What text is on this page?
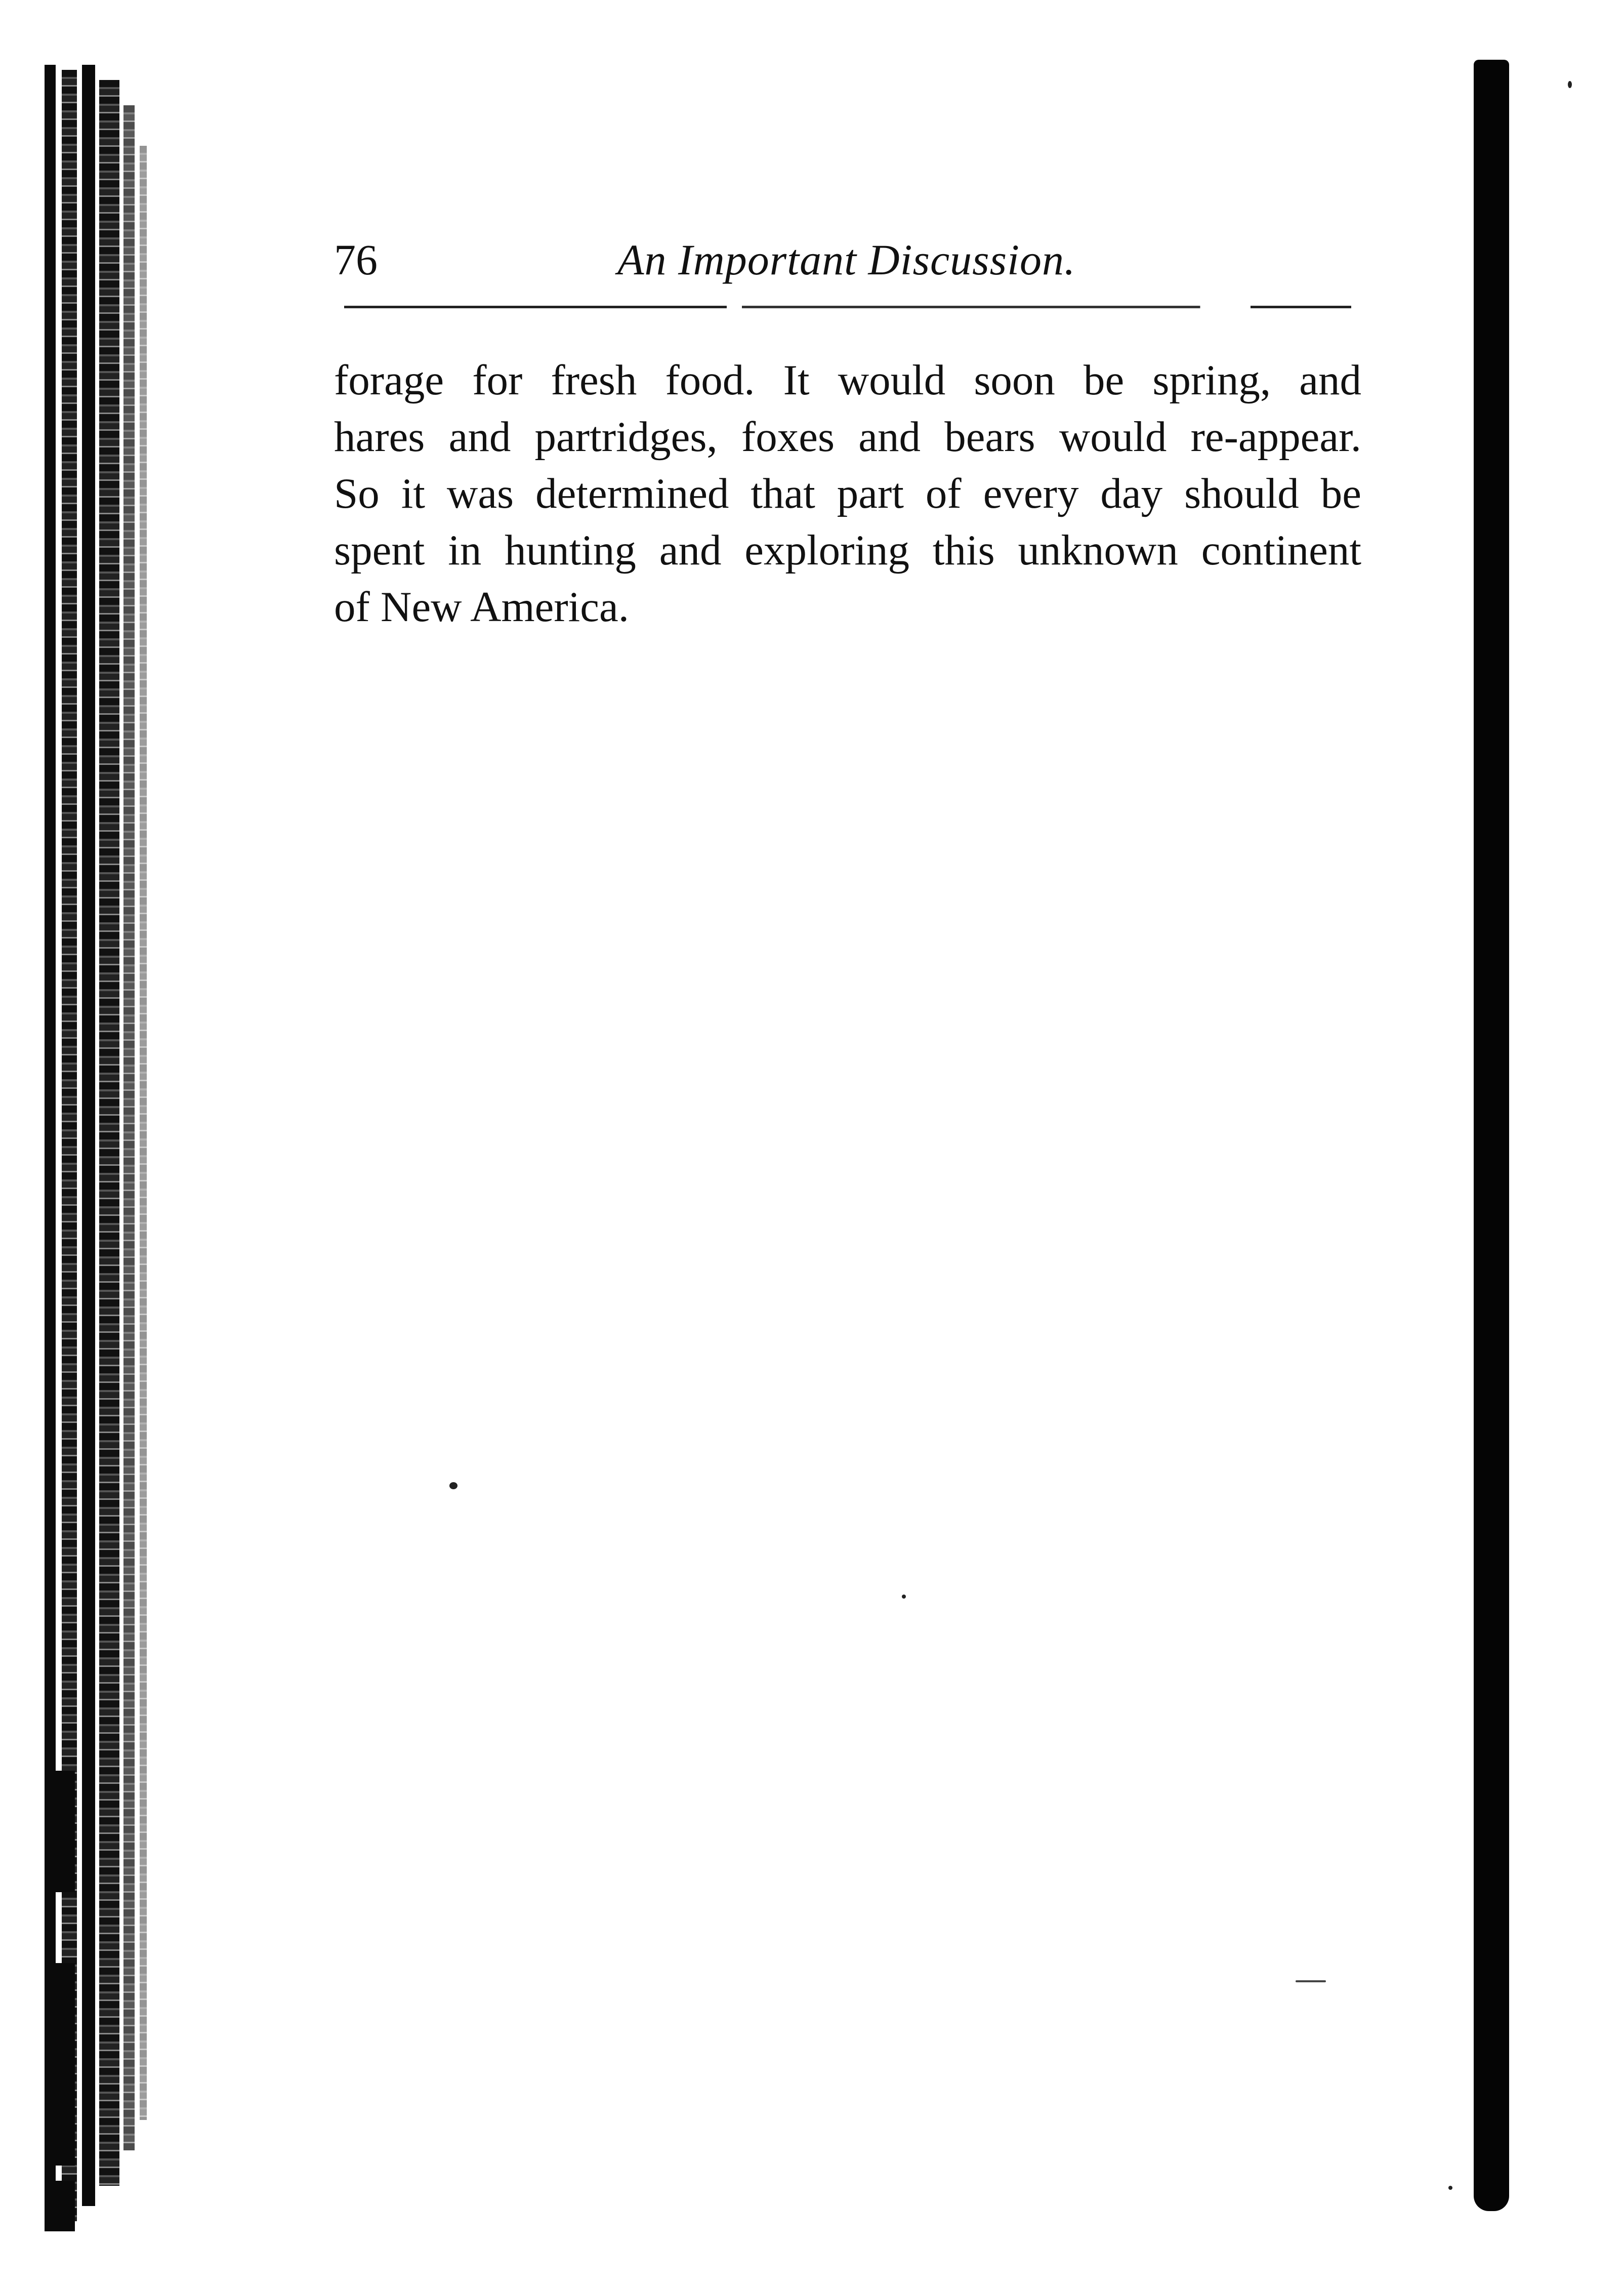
76	An Important Discussion.
forage for fresh food. It would soon be spring, and
hares and partridges, foxes and bears would re-appear.
So it was determined that part of every day should be
spent in hunting and exploring this unknown continent
of New America.
